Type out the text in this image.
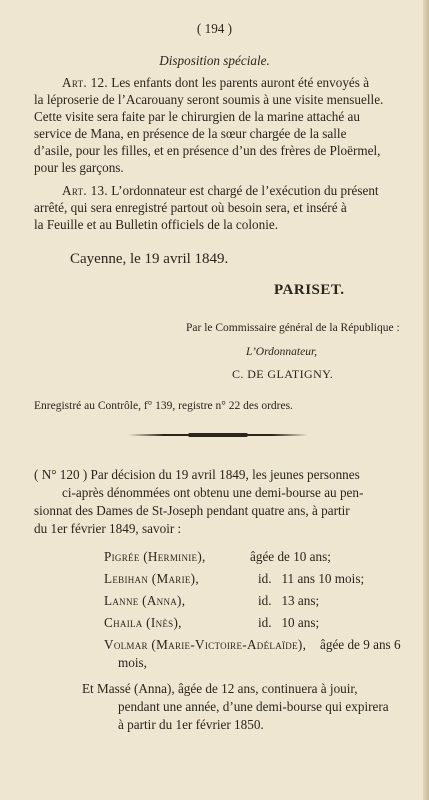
( 194 )
Disposition spéciale.
Art. 12. Les enfants dont les parents auront été envoyés à
la léproserie de l’Acarouany seront soumis à une visite mensuelle.
Cette visite sera faite par le chirurgien de la marine attaché au
service de Mana, en présence de la sœur chargée de la salle
d’asile, pour les filles, et en présence d’un des frères de Ploërmel,
pour les garçons.
Art. 13. L’ordonnateur est chargé de l’exécution du présent
arrêté, qui sera enregistré partout où besoin sera, et inséré à
la Feuille et au Bulletin officiels de la colonie.
Cayenne, le 19 avril 1849.
PARISET.
Par le Commissaire général de la République :
L’Ordonnateur,
C. DE GLATIGNY.
Enregistré au Contrôle, f° 139, registre n° 22 des ordres.
( N° 120 ) Par décision du 19 avril 1849, les jeunes personnes
ci-après dénommées ont obtenu une demi-bourse au pen-
sionnat des Dames de St-Joseph pendant quatre ans, à partir
du 1er février 1849, savoir :
Pigrée (Herminie),	âgée de 10 ans;
Lebihan (Marie),	id.   11 ans 10 mois;
Lanne (Anna),	id.   13 ans;
Chaila (Inès),	id.   10 ans;
Volmar (Marie-Victoire-Adélaïde), âgée de 9 ans 6
mois,
Et Massé (Anna), âgée de 12 ans, continuera à jouir,
pendant une année, d’une demi-bourse qui expirera
à partir du 1er février 1850.
